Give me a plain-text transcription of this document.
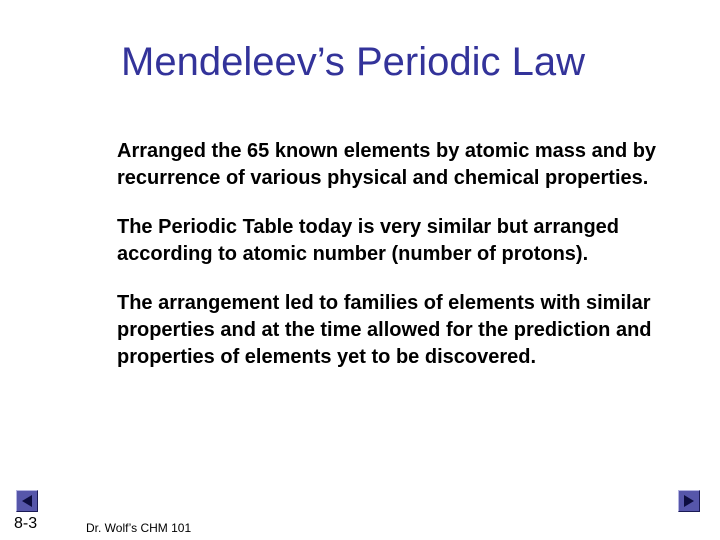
Mendeleev’s Periodic Law

Arranged the 65 known elements by atomic mass and by recurrence of various physical and chemical properties.

The Periodic Table today is very similar but arranged according to atomic number (number of protons).

The arrangement led to families of elements with similar properties and at the time allowed for the prediction and properties of elements yet to be discovered.

8-3	Dr. Wolf’s CHM 101
